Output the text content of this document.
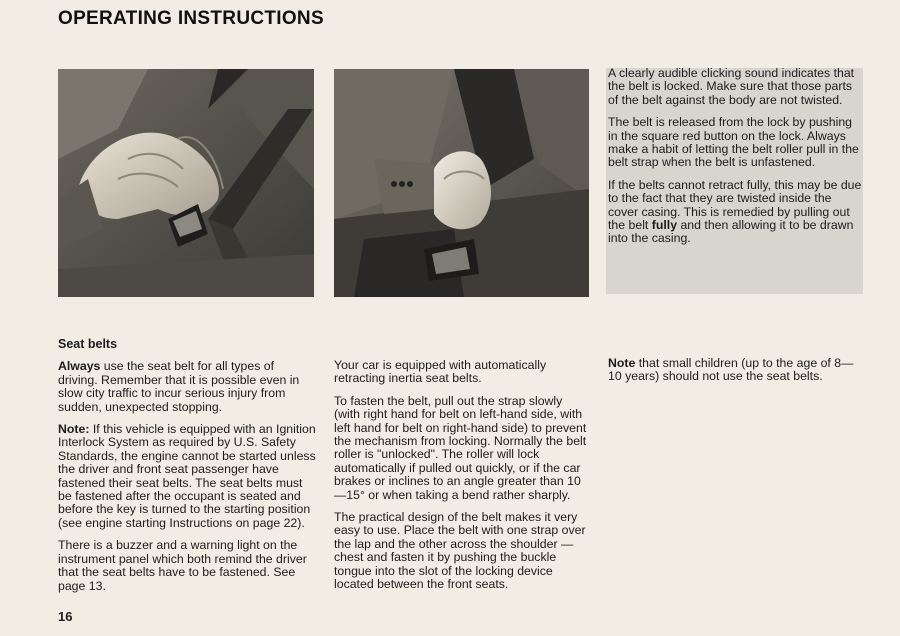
OPERATING INSTRUCTIONS

A clearly audible clicking sound indicates that the belt is locked. Make sure that those parts of the belt against the body are not twisted.

The belt is released from the lock by pushing in the square red button on the lock. Always make a habit of letting the belt roller pull in the belt strap when the belt is unfastened.

If the belts cannot retract fully, this may be due to the fact that they are twisted inside the cover casing. This is remedied by pulling out the belt fully and then allowing it to be drawn into the casing.

Seat belts

Always use the seat belt for all types of driving. Remember that it is possible even in slow city traffic to incur serious injury from sudden, unexpected stopping.

Note: If this vehicle is equipped with an Ignition Interlock System as required by U.S. Safety Standards, the engine cannot be started unless the driver and front seat passenger have fastened their seat belts. The seat belts must be fastened after the occupant is seated and before the key is turned to the starting position (see engine starting Instructions on page 22).

There is a buzzer and a warning light on the instrument panel which both remind the driver that the seat belts have to be fastened. See page 13.

Your car is equipped with automatically retracting inertia seat belts.

To fasten the belt, pull out the strap slowly (with right hand for belt on left-hand side, with left hand for belt on right-hand side) to prevent the mechanism from locking. Normally the belt roller is "unlocked". The roller will lock automatically if pulled out quickly, or if the car brakes or inclines to an angle greater than 10—15° or when taking a bend rather sharply.

The practical design of the belt makes it very easy to use. Place the belt with one strap over the lap and the other across the shoulder — chest and fasten it by pushing the buckle tongue into the slot of the locking device located between the front seats.

Note that small children (up to the age of 8—10 years) should not use the seat belts.

16
